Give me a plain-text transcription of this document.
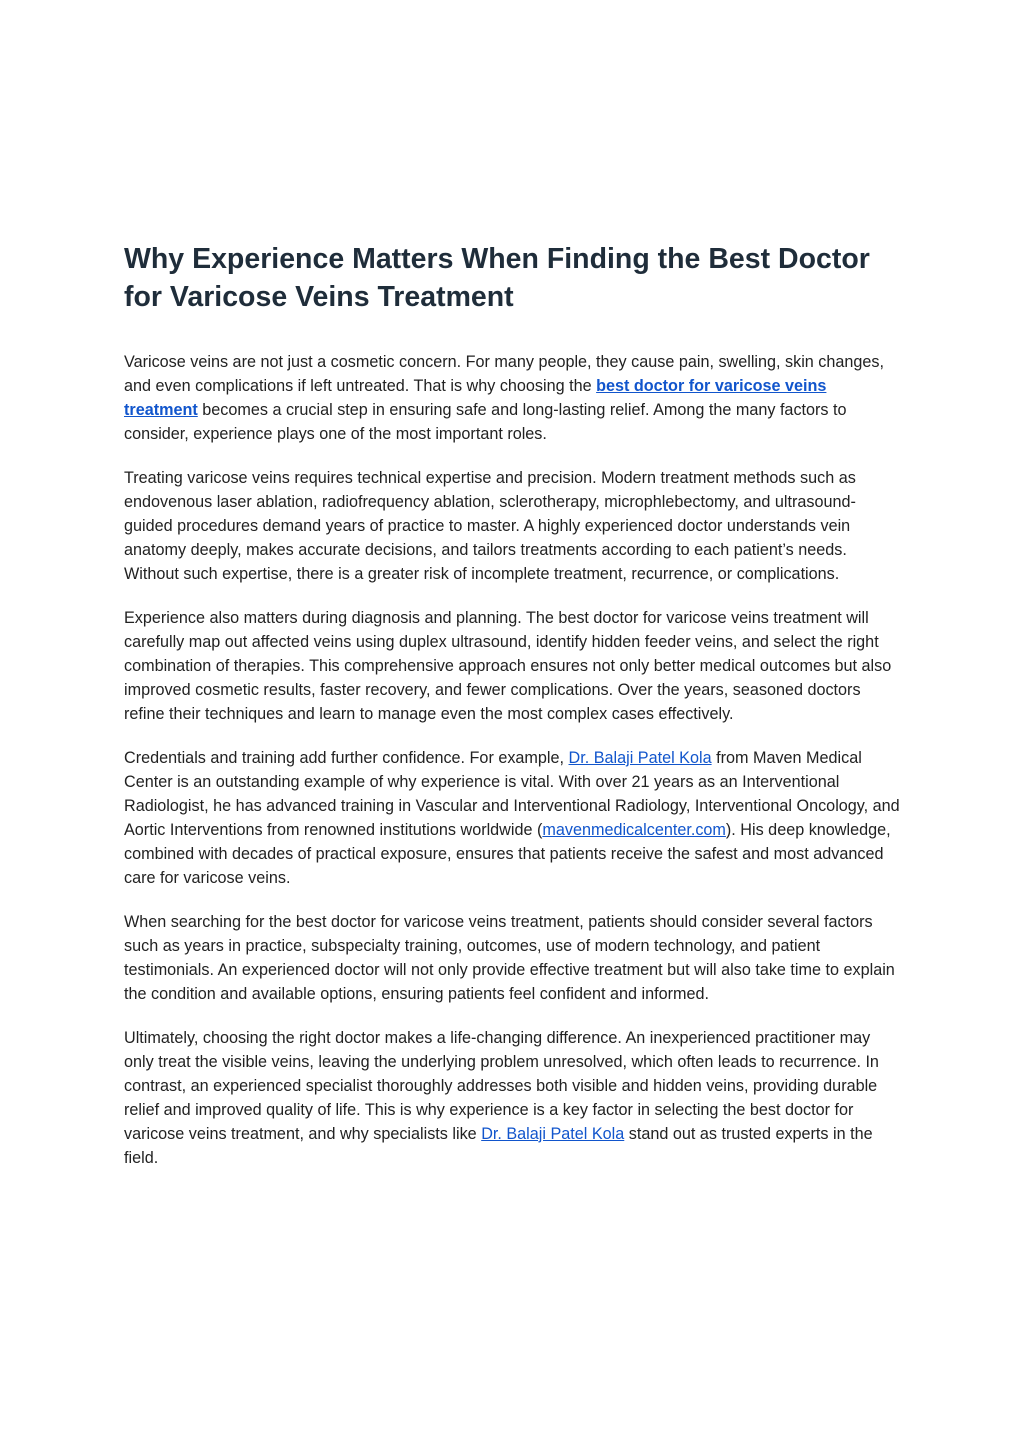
Why Experience Matters When Finding the Best Doctor for Varicose Veins Treatment

Varicose veins are not just a cosmetic concern. For many people, they cause pain, swelling, skin changes, and even complications if left untreated. That is why choosing the best doctor for varicose veins treatment becomes a crucial step in ensuring safe and long-lasting relief. Among the many factors to consider, experience plays one of the most important roles.

Treating varicose veins requires technical expertise and precision. Modern treatment methods such as endovenous laser ablation, radiofrequency ablation, sclerotherapy, microphlebectomy, and ultrasound-guided procedures demand years of practice to master. A highly experienced doctor understands vein anatomy deeply, makes accurate decisions, and tailors treatments according to each patient’s needs. Without such expertise, there is a greater risk of incomplete treatment, recurrence, or complications.

Experience also matters during diagnosis and planning. The best doctor for varicose veins treatment will carefully map out affected veins using duplex ultrasound, identify hidden feeder veins, and select the right combination of therapies. This comprehensive approach ensures not only better medical outcomes but also improved cosmetic results, faster recovery, and fewer complications. Over the years, seasoned doctors refine their techniques and learn to manage even the most complex cases effectively.

Credentials and training add further confidence. For example, Dr. Balaji Patel Kola from Maven Medical Center is an outstanding example of why experience is vital. With over 21 years as an Interventional Radiologist, he has advanced training in Vascular and Interventional Radiology, Interventional Oncology, and Aortic Interventions from renowned institutions worldwide (mavenmedicalcenter.com). His deep knowledge, combined with decades of practical exposure, ensures that patients receive the safest and most advanced care for varicose veins.

When searching for the best doctor for varicose veins treatment, patients should consider several factors such as years in practice, subspecialty training, outcomes, use of modern technology, and patient testimonials. An experienced doctor will not only provide effective treatment but will also take time to explain the condition and available options, ensuring patients feel confident and informed.

Ultimately, choosing the right doctor makes a life-changing difference. An inexperienced practitioner may only treat the visible veins, leaving the underlying problem unresolved, which often leads to recurrence. In contrast, an experienced specialist thoroughly addresses both visible and hidden veins, providing durable relief and improved quality of life. This is why experience is a key factor in selecting the best doctor for varicose veins treatment, and why specialists like Dr. Balaji Patel Kola stand out as trusted experts in the field.
